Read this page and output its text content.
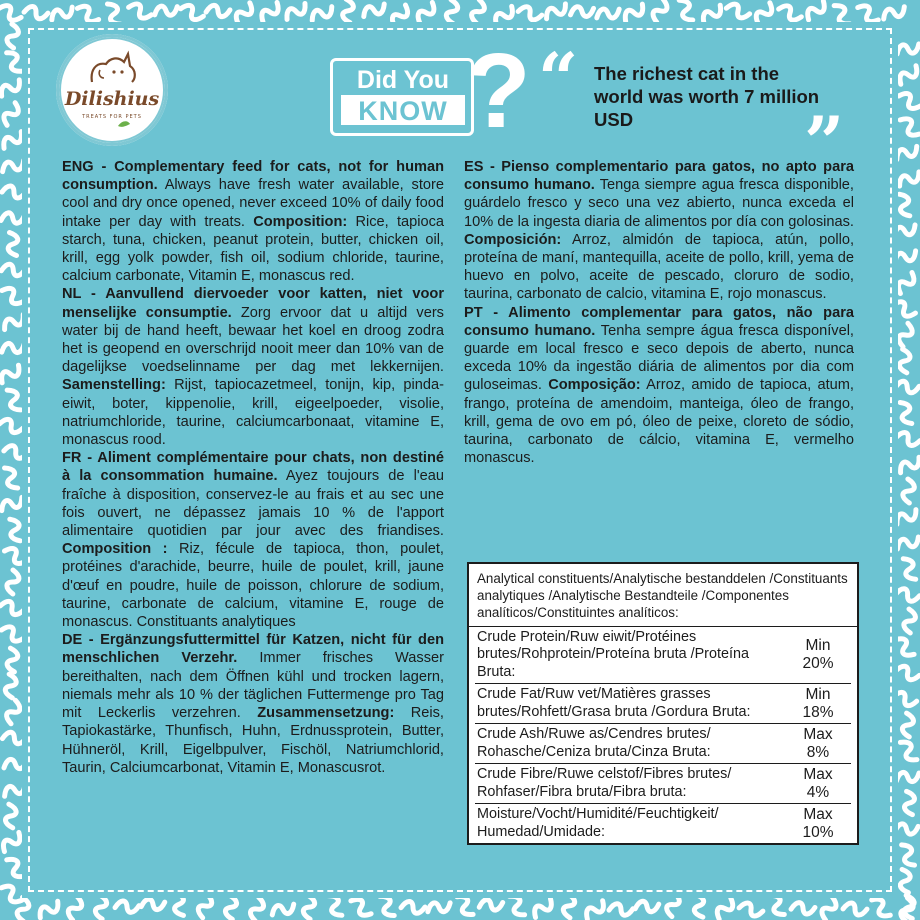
Dilishius
TREATS FOR PETS
Did You
KNOW ? “ The richest cat in the world was worth 7 million USD	”

ENG - Complementary feed for cats, not for human consumption. Always have fresh water available, store cool and dry once opened, never exceed 10% of daily food intake per day with treats. Composition: Rice, tapioca starch, tuna, chicken, peanut protein, butter, chicken oil, krill, egg yolk powder, fish oil, sodium chloride, taurine, calcium carbonate, Vitamin E, monascus red.

NL - Aanvullend diervoeder voor katten, niet voor menselijke consumptie. Zorg ervoor dat u altijd vers water bij de hand heeft, bewaar het koel en droog zodra het is geopend en overschrijd nooit meer dan 10% van de dagelijkse voedselinname per dag met lekkernijen. Samenstelling: Rijst, tapiocazetmeel, tonijn, kip, pinda-eiwit, boter, kippenolie, krill, eigeelpoeder, visolie, natriumchloride, taurine, calciumcarbonaat, vitamine E, monascus rood.

FR - Aliment complémentaire pour chats, non destiné à la consommation humaine. Ayez toujours de l'eau fraîche à disposition, conservez-le au frais et au sec une fois ouvert, ne dépassez jamais 10 % de l'apport alimentaire quotidien par jour avec des friandises. Composition : Riz, fécule de tapioca, thon, poulet, protéines d'arachide, beurre, huile de poulet, krill, jaune d'œuf en poudre, huile de poisson, chlorure de sodium, taurine, carbonate de calcium, vitamine E, rouge de monascus. Constituants analytiques

DE - Ergänzungsfuttermittel für Katzen, nicht für den menschlichen Verzehr. Immer frisches Wasser bereithalten, nach dem Öffnen kühl und trocken lagern, niemals mehr als 10 % der täglichen Futtermenge pro Tag mit Leckerlis verzehren. Zusammensetzung: Reis, Tapiokastärke, Thunfisch, Huhn, Erdnussprotein, Butter, Hühneröl, Krill, Eigelbpulver, Fischöl, Natriumchlorid, Taurin, Calciumcarbonat, Vitamin E, Monascusrot.

ES - Pienso complementario para gatos, no apto para consumo humano. Tenga siempre agua fresca disponible, guárdelo fresco y seco una vez abierto, nunca exceda el 10% de la ingesta diaria de alimentos por día con golosinas. Composición: Arroz, almidón de tapioca, atún, pollo, proteína de maní, mantequilla, aceite de pollo, krill, yema de huevo en polvo, aceite de pescado, cloruro de sodio, taurina, carbonato de calcio, vitamina E, rojo monascus.

PT - Alimento complementar para gatos, não para consumo humano. Tenha sempre água fresca disponível, guarde em local fresco e seco depois de aberto, nunca exceda 10% da ingestão diária de alimentos por dia com guloseimas. Composição: Arroz, amido de tapioca, atum, frango, proteína de amendoim, manteiga, óleo de frango, krill, gema de ovo em pó, óleo de peixe, cloreto de sódio, taurina, carbonato de cálcio, vitamina E, vermelho monascus.

Analytical constituents/Analytische bestanddelen /Constituants analytiques /Analytische Bestandteile /Componentes analíticos/Constituintes analíticos:
Crude Protein/Ruw eiwit/Protéines brutes/Rohprotein/Proteína bruta /Proteína Bruta:
Min
20%
Crude Fat/Ruw vet/Matières grasses brutes/Rohfett/Grasa bruta /Gordura Bruta:
Min
18%
Crude Ash/Ruwe as/Cendres brutes/ Rohasche/Ceniza bruta/Cinza Bruta:
Max
8%
Crude Fibre/Ruwe celstof/Fibres brutes/ Rohfaser/Fibra bruta/Fibra bruta:
Max
4%
Moisture/Vocht/Humidité/Feuchtigkeit/ Humedad/Umidade:
Max
10%
